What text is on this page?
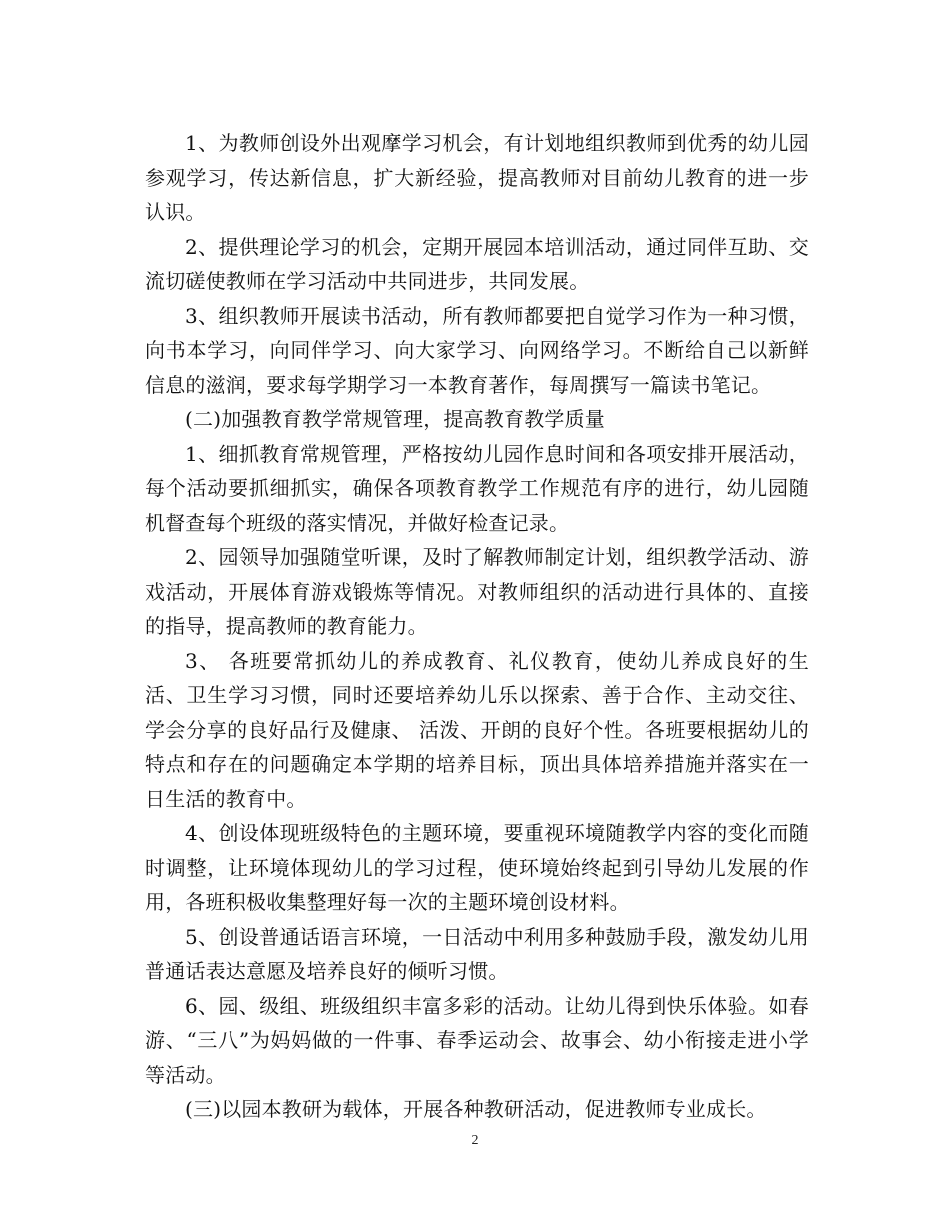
1、为教师创设外出观摩学习机会，有计划地组织教师到优秀的幼儿园参观学习，传达新信息，扩大新经验，提高教师对目前幼儿教育的进一步认识。

2、提供理论学习的机会，定期开展园本培训活动，通过同伴互助、交流切磋使教师在学习活动中共同进步，共同发展。

3、组织教师开展读书活动，所有教师都要把自觉学习作为一种习惯，向书本学习，向同伴学习、向大家学习、向网络学习。不断给自己以新鲜信息的滋润，要求每学期学习一本教育著作，每周撰写一篇读书笔记。

(二)加强教育教学常规管理，提高教育教学质量

1、细抓教育常规管理，严格按幼儿园作息时间和各项安排开展活动，每个活动要抓细抓实，确保各项教育教学工作规范有序的进行，幼儿园随机督查每个班级的落实情况，并做好检查记录。

2、园领导加强随堂听课，及时了解教师制定计划，组织教学活动、游戏活动，开展体育游戏锻炼等情况。对教师组织的活动进行具体的、直接的指导，提高教师的教育能力。

3、 各班要常抓幼儿的养成教育、礼仪教育，使幼儿养成良好的生活、卫生学习习惯，同时还要培养幼儿乐以探索、善于合作、主动交往、学会分享的良好品行及健康、 活泼、开朗的良好个性。各班要根据幼儿的特点和存在的问题确定本学期的培养目标，顶出具体培养措施并落实在一日生活的教育中。

4、创设体现班级特色的主题环境，要重视环境随教学内容的变化而随时调整，让环境体现幼儿的学习过程，使环境始终起到引导幼儿发展的作用，各班积极收集整理好每一次的主题环境创设材料。

5、创设普通话语言环境，一日活动中利用多种鼓励手段，激发幼儿用普通话表达意愿及培养良好的倾听习惯。

6、园、级组、班级组织丰富多彩的活动。让幼儿得到快乐体验。如春游、“三八”为妈妈做的一件事、春季运动会、故事会、幼小衔接走进小学等活动。

(三)以园本教研为载体，开展各种教研活动，促进教师专业成长。

2
